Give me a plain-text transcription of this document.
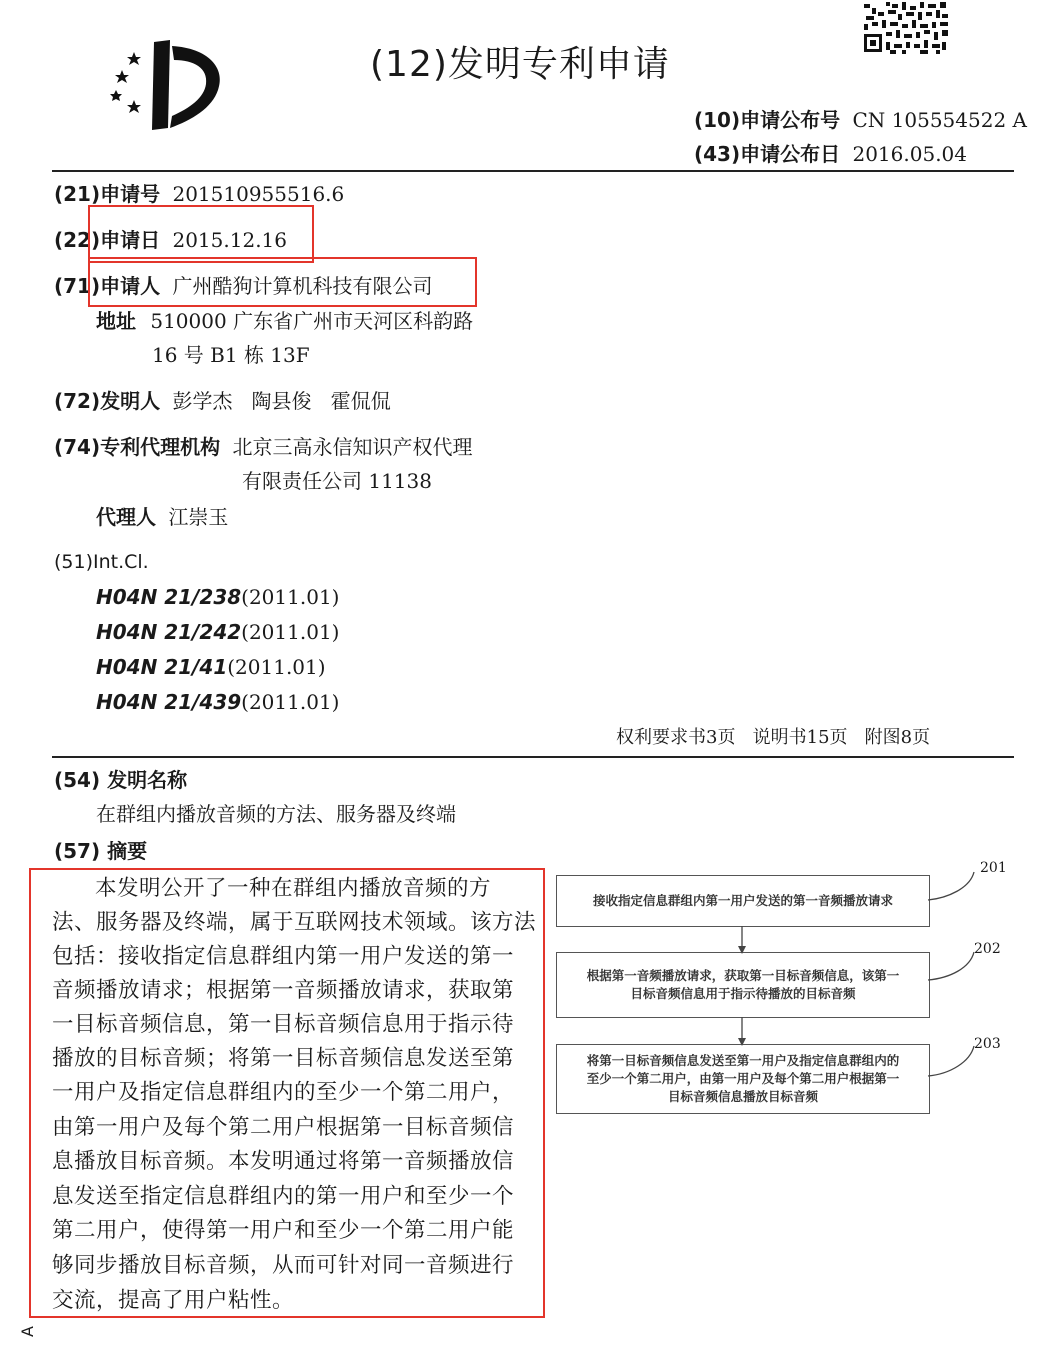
(12)发明专利申请
(10)申请公布号 CN 105554522 A
(43)申请公布日 2016.05.04
(21)申请号 201510955516.6
(22)申请日 2015.12.16
(71)申请人 广州酷狗计算机科技有限公司
地址 510000 广东省广州市天河区科韵路
16 号 B1 栋 13F
(72)发明人 彭学杰   陶县俊   霍侃侃
(74)专利代理机构 北京三高永信知识产权代理
有限责任公司 11138
代理人 江崇玉
(51)Int.Cl.
H04N 21/238(2011.01)
H04N 21/242(2011.01)
H04N 21/41(2011.01)
H04N 21/439(2011.01)
权利要求书3页   说明书15页   附图8页
(54) 发明名称
在群组内播放音频的方法、服务器及终端
(57) 摘要
本发明公开了一种在群组内播放音频的方
法、服务器及终端，属于互联网技术领域。该方法
包括：接收指定信息群组内第一用户发送的第一
音频播放请求；根据第一音频播放请求，获取第
一目标音频信息，第一目标音频信息用于指示待
播放的目标音频；将第一目标音频信息发送至第
一用户及指定信息群组内的至少一个第二用户，
由第一用户及每个第二用户根据第一目标音频信
息播放目标音频。本发明通过将第一音频播放信
息发送至指定信息群组内的第一用户和至少一个
第二用户，使得第一用户和至少一个第二用户能
够同步播放目标音频，从而可针对同一音频进行
交流，提高了用户粘性。
接收指定信息群组内第一用户发送的第一音频播放请求
根据第一音频播放请求，获取第一目标音频信息，该第一
目标音频信息用于指示待播放的目标音频
将第一目标音频信息发送至第一用户及指定信息群组内的
至少一个第二用户，由第一用户及每个第二用户根据第一
目标音频信息播放目标音频
201
202
203
A
